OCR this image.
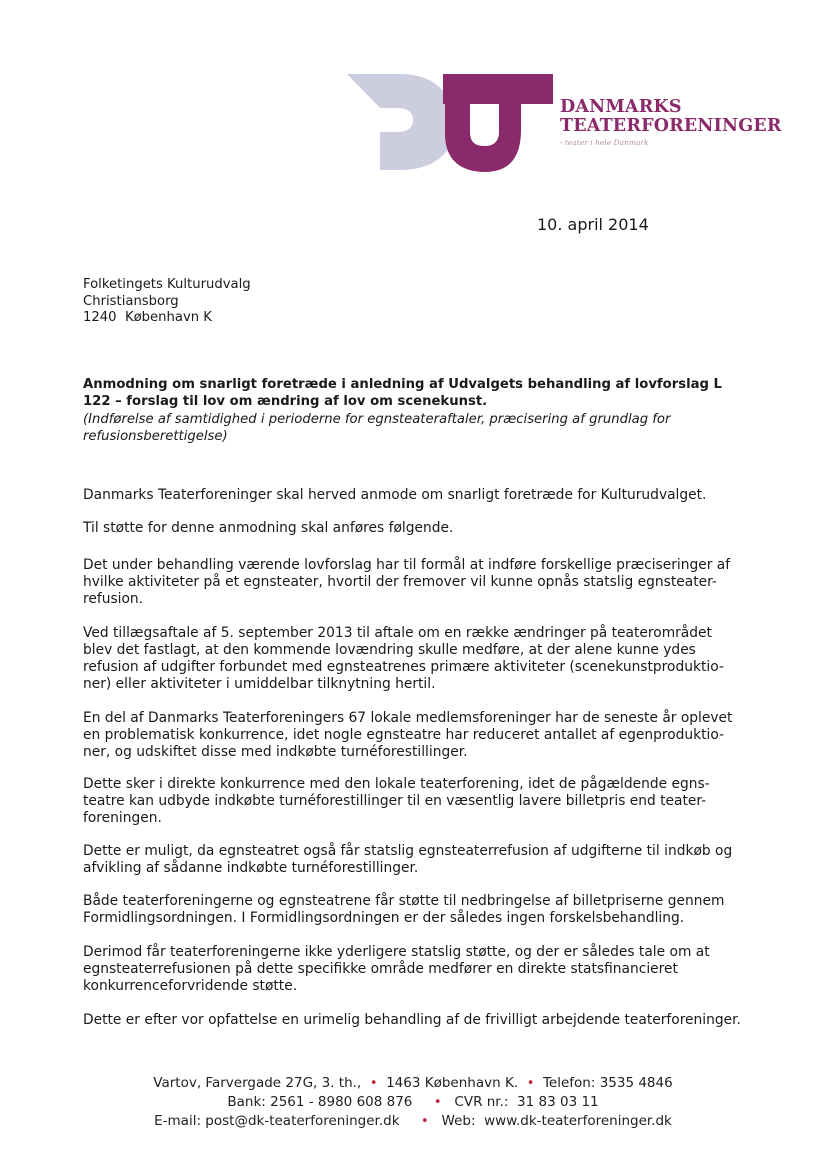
DANMARKS
TEATERFORENINGER
- teater i hele Danmark
10. april 2014
Folketingets Kulturudvalg
Christiansborg
1240  København K
Anmodning om snarligt foretræde i anledning af Udvalgets behandling af lovforslag L
122 – forslag til lov om ændring af lov om scenekunst.
(Indførelse af samtidighed i perioderne for egnsteateraftaler, præcisering af grundlag for
refusionsberettigelse)
Danmarks Teaterforeninger skal herved anmode om snarligt foretræde for Kulturudvalget.
Til støtte for denne anmodning skal anføres følgende.
Det under behandling værende lovforslag har til formål at indføre forskellige præciseringer af
hvilke aktiviteter på et egnsteater, hvortil der fremover vil kunne opnås statslig egnsteater-
refusion.
Ved tillægsaftale af 5. september 2013 til aftale om en række ændringer på teaterområdet
blev det fastlagt, at den kommende lovændring skulle medføre, at der alene kunne ydes
refusion af udgifter forbundet med egnsteatrenes primære aktiviteter (scenekunstproduktio-
ner) eller aktiviteter i umiddelbar tilknytning hertil.
En del af Danmarks Teaterforeningers 67 lokale medlemsforeninger har de seneste år oplevet
en problematisk konkurrence, idet nogle egnsteatre har reduceret antallet af egenproduktio-
ner, og udskiftet disse med indkøbte turnéforestillinger.
Dette sker i direkte konkurrence med den lokale teaterforening, idet de pågældende egns-
teatre kan udbyde indkøbte turnéforestillinger til en væsentlig lavere billetpris end teater-
foreningen.
Dette er muligt, da egnsteatret også får statslig egnsteaterrefusion af udgifterne til indkøb og
afvikling af sådanne indkøbte turnéforestillinger.
Både teaterforeningerne og egnsteatrene får støtte til nedbringelse af billetpriserne gennem
Formidlingsordningen. I Formidlingsordningen er der således ingen forskelsbehandling.
Derimod får teaterforeningerne ikke yderligere statslig støtte, og der er således tale om at
egnsteaterrefusionen på dette specifikke område medfører en direkte statsfinancieret
konkurrenceforvridende støtte.
Dette er efter vor opfattelse en urimelig behandling af de frivilligt arbejdende teaterforeninger.
Vartov, Farvergade 27G, 3. th., • 1463 København K. • Telefon: 3535 4846
Bank: 2561 - 8980 608 876 • CVR nr.:  31 83 03 11
E-mail: post@dk-teaterforeninger.dk • Web:  www.dk-teaterforeninger.dk
